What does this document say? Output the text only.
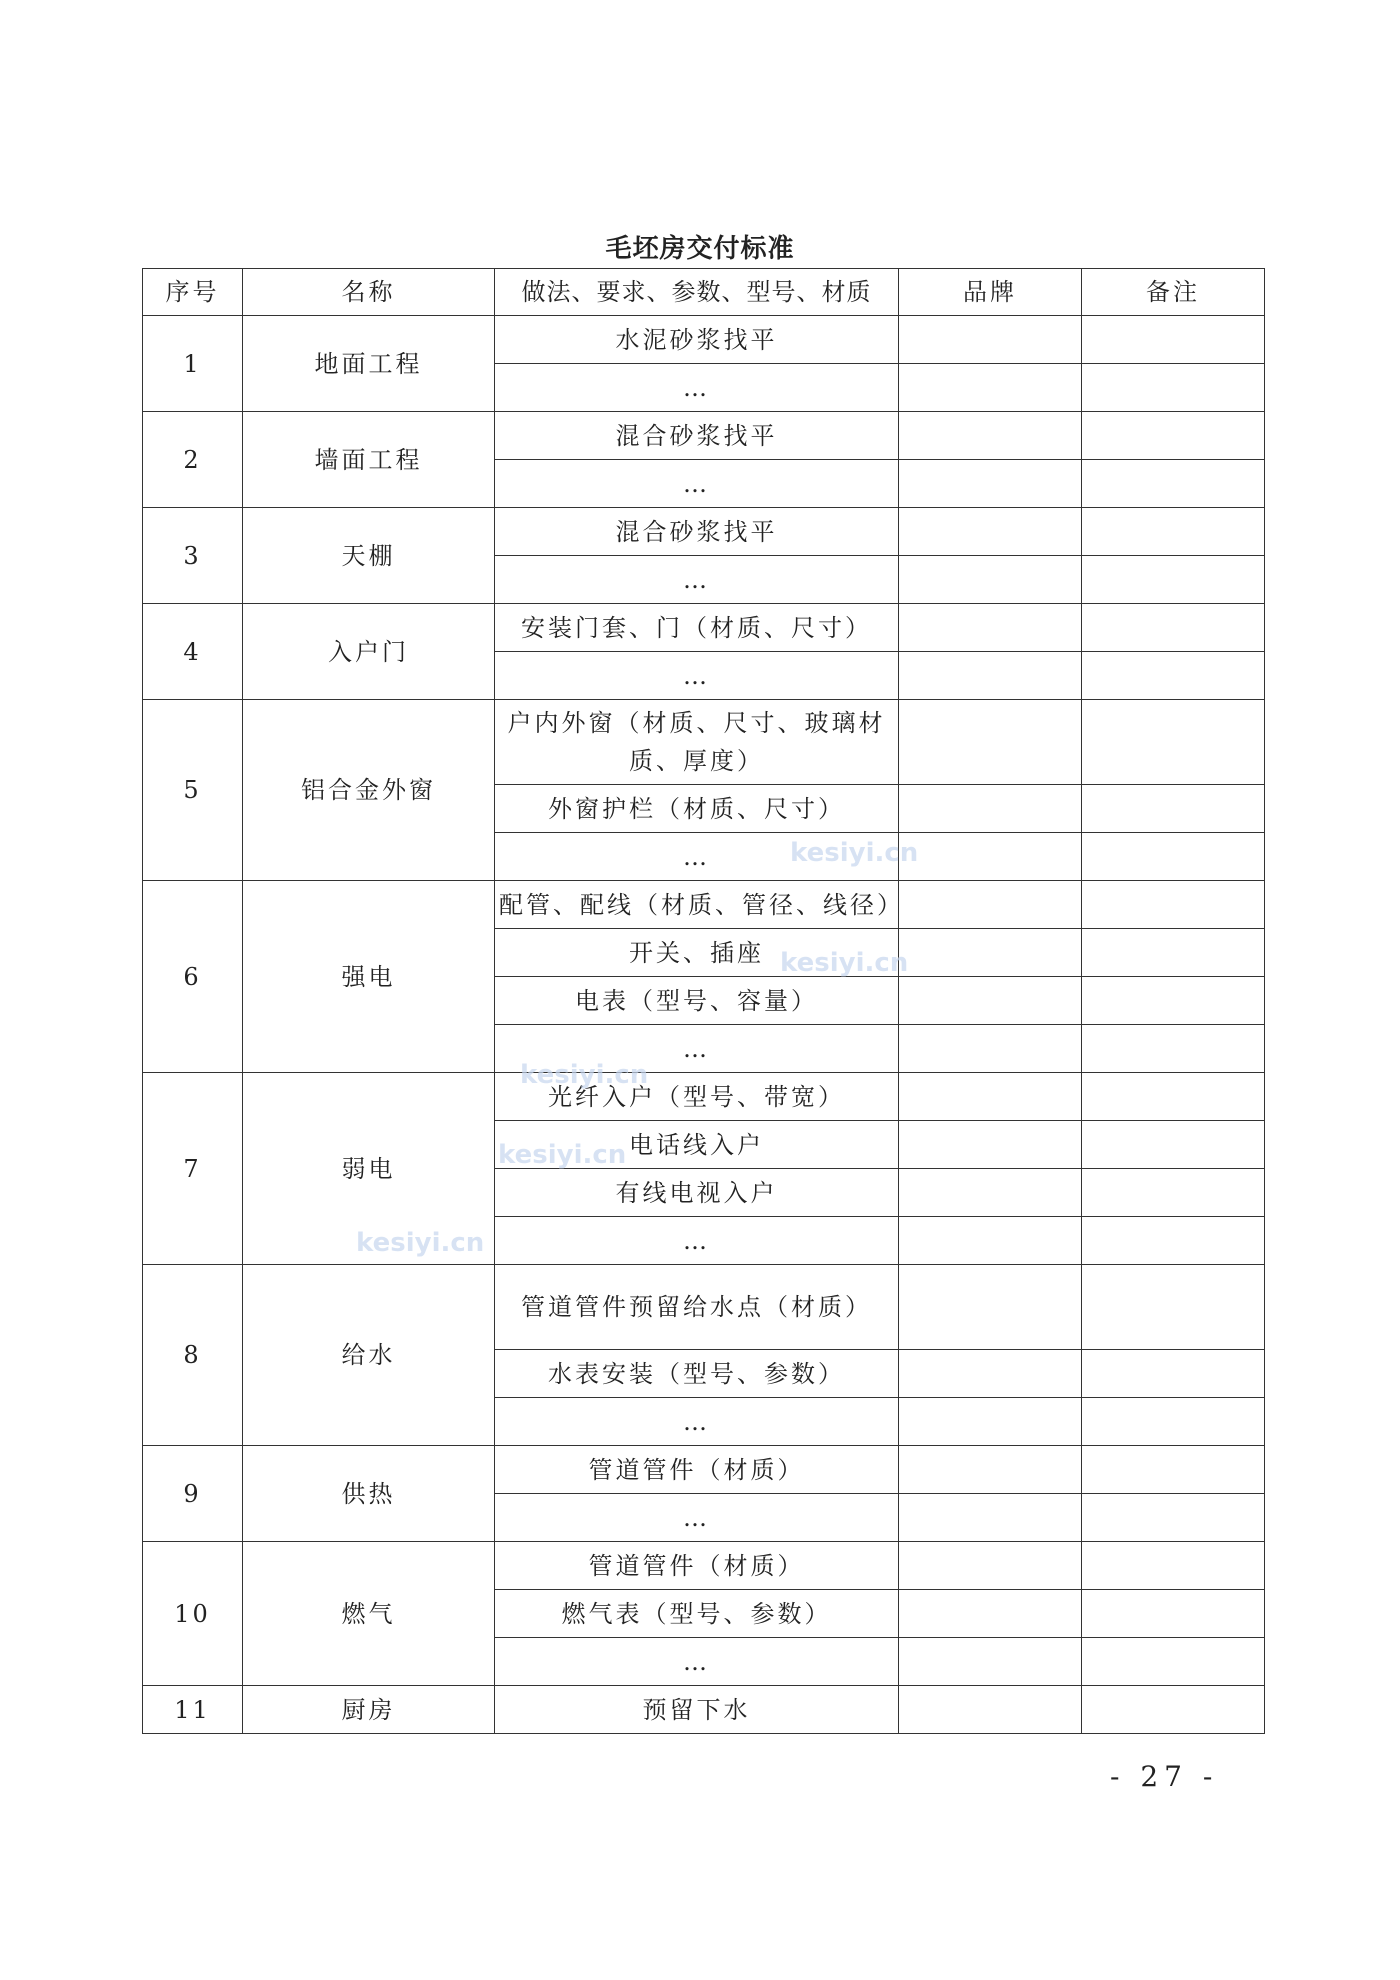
毛坯房交付标准
序号	名称	做法、要求、参数、型号、材质	品牌	备注
1	地面工程	水泥砂浆找平		
		…		
2	墙面工程	混合砂浆找平		
		…		
3	天棚	混合砂浆找平		
		…		
4	入户门	安装门套、门（材质、尺寸）		
		…		
5	铝合金外窗	户内外窗（材质、尺寸、玻璃材质、厚度）		
		外窗护栏（材质、尺寸）		
		…		
6	强电	配管、配线（材质、管径、线径）		
		开关、插座		
		电表（型号、容量）		
		…		
7	弱电	光纤入户（型号、带宽）		
		电话线入户		
		有线电视入户		
		…		
8	给水	管道管件预留给水点（材质）		
		水表安装（型号、参数）		
		…		
9	供热	管道管件（材质）		
		…		
10	燃气	管道管件（材质）		
		燃气表（型号、参数）		
		…		
11	厨房	预留下水		
kesiyi.cn
kesiyi.cn
kesiyi.cn
kesiyi.cn
kesiyi.cn
- 27 -
